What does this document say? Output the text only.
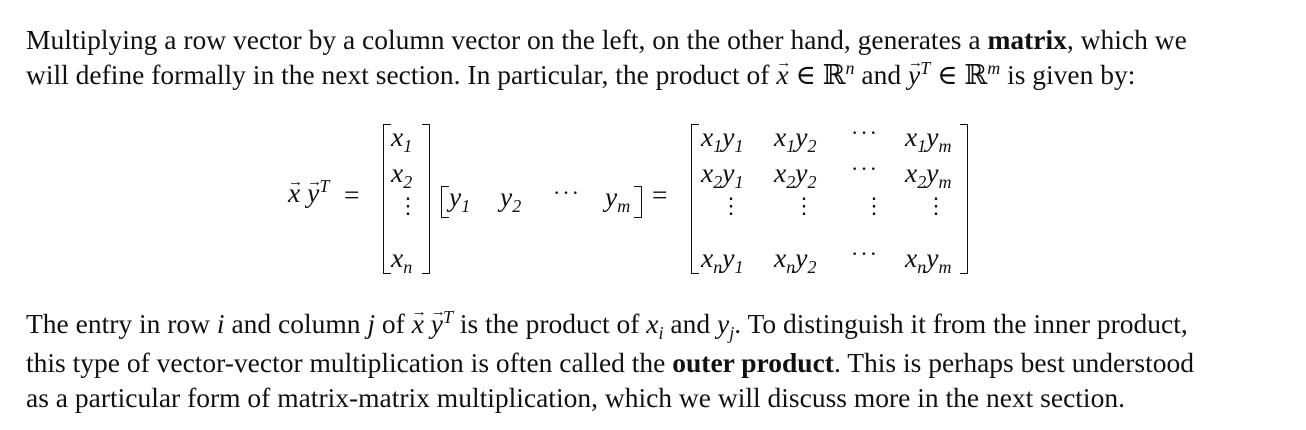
Multiplying a row vector by a column vector on the left, on the other hand, generates a matrix, which we
will define formally in the next section. In particular, the product of → x ∈ ℝ$^n$ and → $y^T$ ∈ ℝ$^m$ is given by:

→ $x \to y^T$ =
$x_1$
$x_2$
⋮
$x_n$
$y_1$ $y_2$
··· $y_m$ =
$x_1y_1$ $x_1y_2$
··· $x_1y_m$
$x_2y_1$ $x_2y_2$
··· $x_2y_m$
⋮ ⋮ ⋮ ⋮
$x_ny_1$ $x_ny_2$
··· $x_ny_m$

The entry in row i and column j of → $x \to y^T$ is the product of $x_i$ and $y_j$. To distinguish it from the inner product,
this type of vector-vector multiplication is often called the outer product. This is perhaps best understood
as a particular form of matrix-matrix multiplication, which we will discuss more in the next section.
